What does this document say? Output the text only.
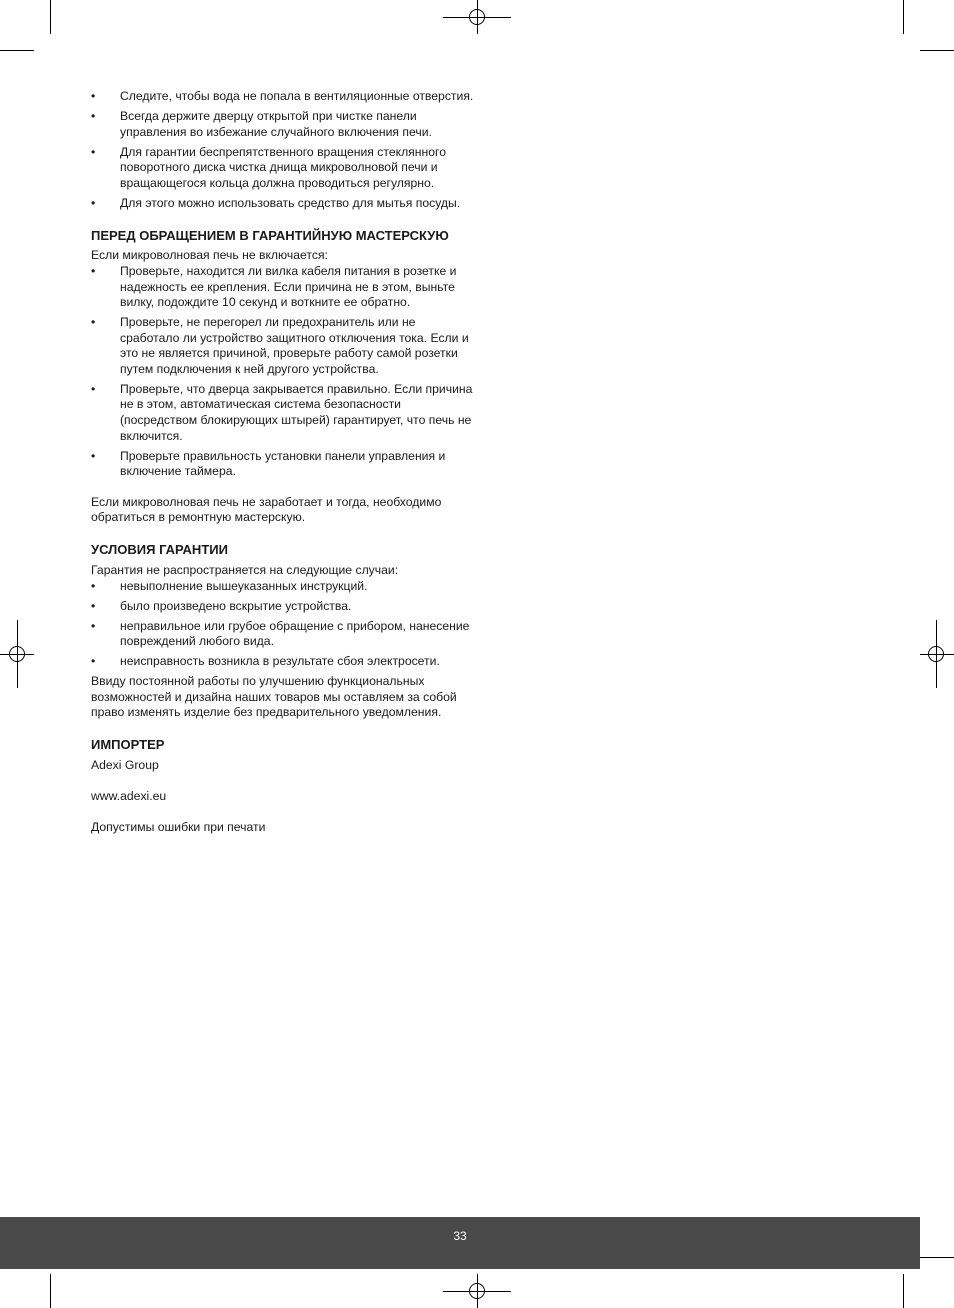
• Следите, чтобы вода не попала в вентиляционные отверстия.
• Всегда держите дверцу открытой при чистке панели управления во избежание случайного включения печи.
• Для гарантии беспрепятственного вращения стеклянного поворотного диска чистка днища микроволновой печи и вращающегося кольца должна проводиться регулярно.
• Для этого можно использовать средство для мытья посуды.
ПЕРЕД ОБРАЩЕНИЕМ В ГАРАНТИЙНУЮ МАСТЕРСКУЮ

Если микроволновая печь не включается:

• Проверьте, находится ли вилка кабеля питания в розетке и надежность ее крепления. Если причина не в этом, выньте вилку, подождите 10 секунд и воткните ее обратно.
• Проверьте, не перегорел ли предохранитель или не сработало ли устройство защитного отключения тока. Если и это не является причиной, проверьте работу самой розетки путем подключения к ней другого устройства.
• Проверьте, что дверца закрывается правильно. Если причина не в этом, автоматическая система безопасности (посредством блокирующих штырей) гарантирует, что печь не включится.
• Проверьте правильность установки панели управления и включение таймера.

Если микроволновая печь не заработает и тогда, необходимо обратиться в ремонтную мастерскую.

УСЛОВИЯ ГАРАНТИИ

Гарантия не распространяется на следующие случаи:

• невыполнение вышеуказанных инструкций.
• было произведено вскрытие устройства.
• неправильное или грубое обращение с прибором, нанесение повреждений любого вида.
• неисправность возникла в результате сбоя электросети.

Ввиду постоянной работы по улучшению функциональных возможностей и дизайна наших товаров мы оставляем за собой право изменять изделие без предварительного уведомления.

ИМПОРТЕР

Adexi Group

www.adexi.eu

Допустимы ошибки при печати

33
